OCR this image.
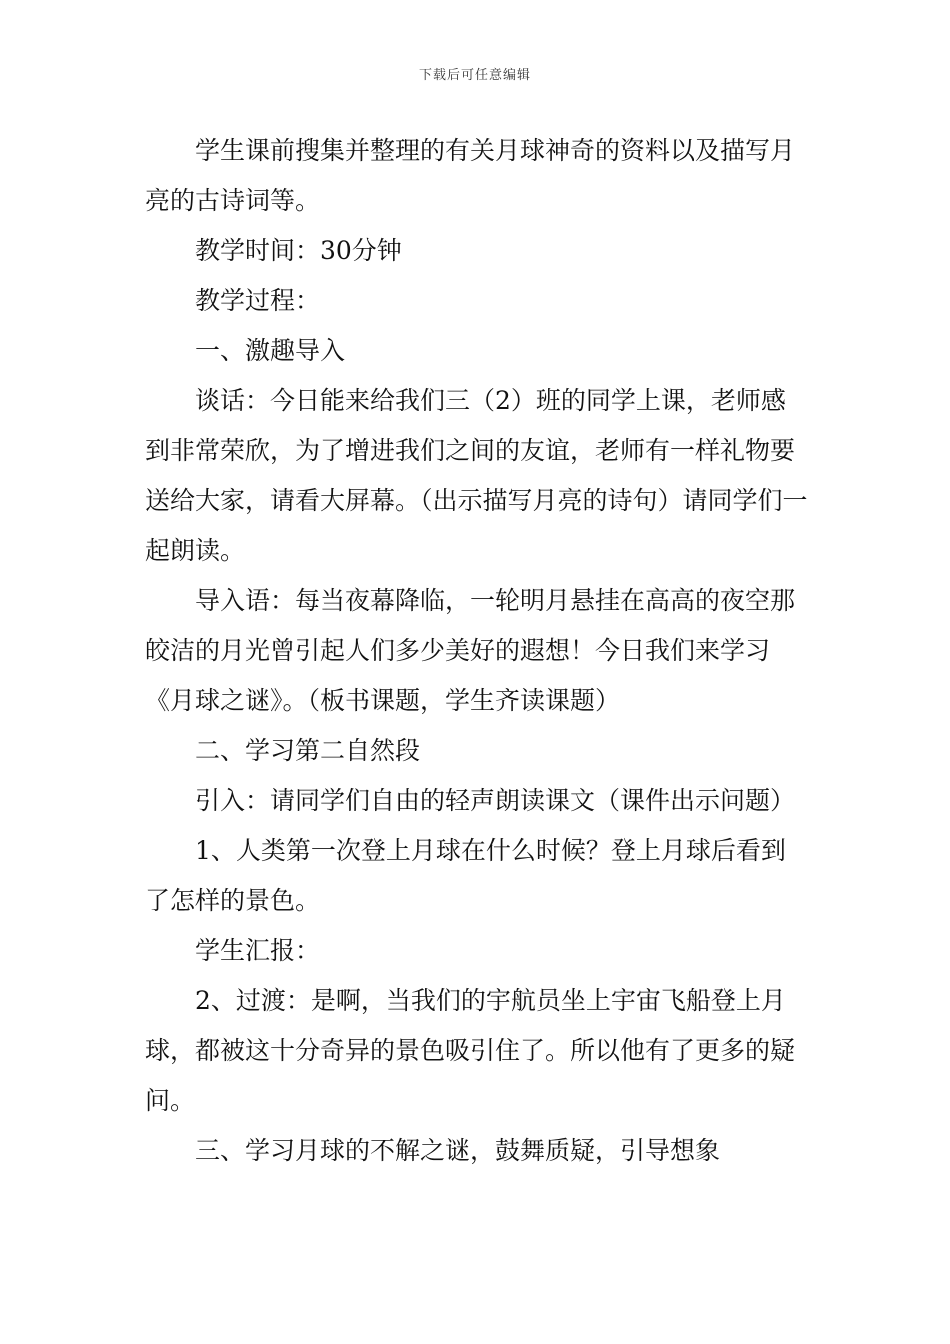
下载后可任意编辑

学生课前搜集并整理的有关月球神奇的资料以及描写月亮的古诗词等。

教学时间：30分钟

教学过程：

一、激趣导入

谈话：今日能来给我们三（2）班的同学上课，老师感到非常荣欣，为了增进我们之间的友谊，老师有一样礼物要送给大家，请看大屏幕。（出示描写月亮的诗句）请同学们一起朗读。

导入语：每当夜幕降临，一轮明月悬挂在高高的夜空那皎洁的月光曾引起人们多少美好的遐想！今日我们来学习《月球之谜》。（板书课题，学生齐读课题）

二、学习第二自然段

引入：请同学们自由的轻声朗读课文（课件出示问题）

1、人类第一次登上月球在什么时候？登上月球后看到了怎样的景色。

学生汇报：

2、过渡：是啊，当我们的宇航员坐上宇宙飞船登上月球，都被这十分奇异的景色吸引住了。所以他有了更多的疑问。

三、学习月球的不解之谜，鼓舞质疑，引导想象
